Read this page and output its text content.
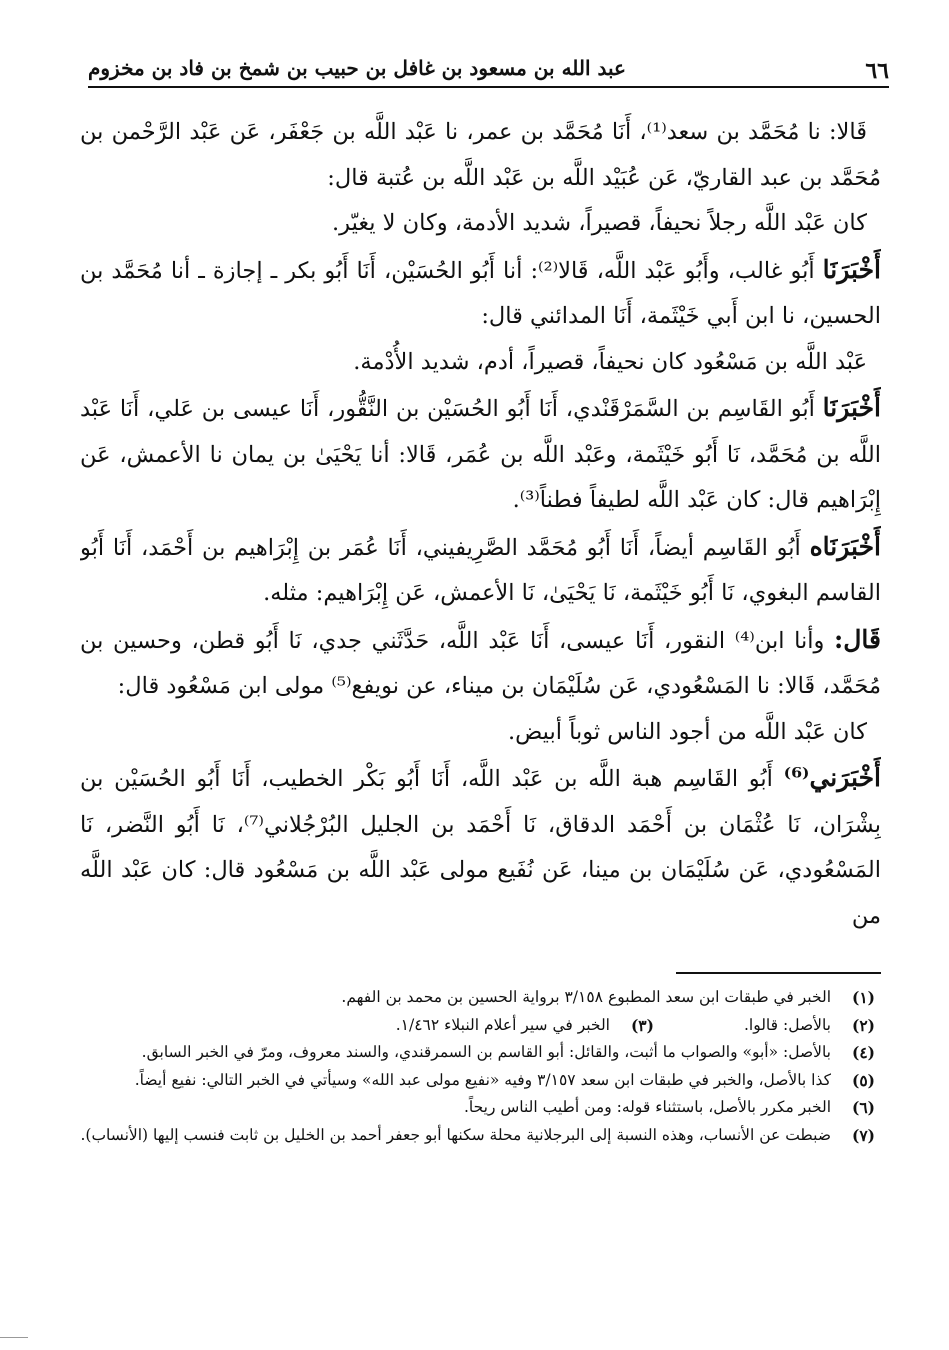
٦٦
عبد الله بن مسعود بن غافل بن حبيب بن شمخ بن فاد بن مخزوم

قَالا: نا مُحَمَّد بن سعد⁽¹⁾، أَنَا مُحَمَّد بن عمر، نا عَبْد اللَّه بن جَعْفَر، عَن عَبْد الرَّحْمن بن مُحَمَّد بن عبد القاريّ، عَن عُبَيْد اللَّه بن عَبْد اللَّه بن عُتبة قال:

كان عَبْد اللَّه رجلاً نحيفاً، قصيراً، شديد الأدمة، وكان لا يغيّر.

أَخْبَرَنَا أَبُو غالب، وأَبُو عَبْد اللَّه، قَالا⁽²⁾: أنا أَبُو الحُسَيْن، أَنَا أَبُو بكر ـ إجازة ـ أنا مُحَمَّد بن الحسين، نا ابن أَبي خَيْثَمة، أَنَا المدائني قال:

عَبْد اللَّه بن مَسْعُود كان نحيفاً، قصيراً، أدم، شديد الأُدْمة.

أَخْبَرَنَا أَبُو القَاسِم بن السَّمَرْقَنْدي، أَنَا أَبُو الحُسَيْن بن النَّقُّور، أَنَا عيسى بن عَلي، أَنَا عَبْد اللَّه بن مُحَمَّد، نَا أَبُو خَيْثَمة، وعَبْد اللَّه بن عُمَر، قَالا: أنا يَحْيَىٰ بن يمان نا الأعمش، عَن إِبْرَاهيم قال: كان عَبْد اللَّه لطيفاً فطناً⁽³⁾.

أَخْبَرَنَاه أَبُو القَاسِم أيضاً، أَنَا أَبُو مُحَمَّد الصَّرِيفيني، أَنَا عُمَر بن إِبْرَاهيم بن أَحْمَد، أَنَا أَبُو القاسم البغوي، نَا أَبُو خَيْثَمة، نَا يَحْيَىٰ، نَا الأعمش، عَن إِبْرَاهيم: مثله.

قَال: وأنا ابن⁽⁴⁾ النقور، أَنَا عيسى، أَنَا عَبْد اللَّه، حَدَّثَني جدي، نَا أَبُو قطن، وحسين بن مُحَمَّد، قَالا: نا المَسْعُودي، عَن سُلَيْمَان بن ميناء، عن نويفع⁽⁵⁾ مولى ابن مَسْعُود قال:

كان عَبْد اللَّه من أجود الناس ثوباً أبيض.

أَخْبَرَني⁽⁶⁾ أَبُو القَاسِم هبة اللَّه بن عَبْد اللَّه، أَنَا أَبُو بَكْر الخطيب، أَنَا أَبُو الحُسَيْن بن بِشْرَان، نَا عُثْمَان بن أَحْمَد الدقاق، نَا أَحْمَد بن الجليل البُرْجُلاني⁽⁷⁾، نَا أَبُو النَّضر، نَا المَسْعُودي، عَن سُلَيْمَان بن مينا، عَن نُفَيع مولى عَبْد اللَّه بن مَسْعُود قال: كان عَبْد اللَّه من

(١)
الخبر في طبقات ابن سعد المطبوع ٣/١٥٨ برواية الحسين بن محمد بن الفهم.
(٢)
بالأصل: قالوا.
(٣)
الخبر في سير أعلام النبلاء ١/٤٦٢.
(٤)
بالأصل: «أبو» والصواب ما أثبت، والقائل: أبو القاسم بن السمرقندي، والسند معروف، ومرّ في الخبر السابق.
(٥)
كذا بالأصل، والخبر في طبقات ابن سعد ٣/١٥٧ وفيه «نفيع مولى عبد الله» وسيأتي في الخبر التالي: نفيع أيضاً.
(٦)
الخبر مكرر بالأصل، باستثناء قوله: ومن أطيب الناس ريحاً.
(٧)
ضبطت عن الأنساب، وهذه النسبة إلى البرجلانية محلة سكنها أبو جعفر أحمد بن الخليل بن ثابت فنسب إليها (الأنساب).
